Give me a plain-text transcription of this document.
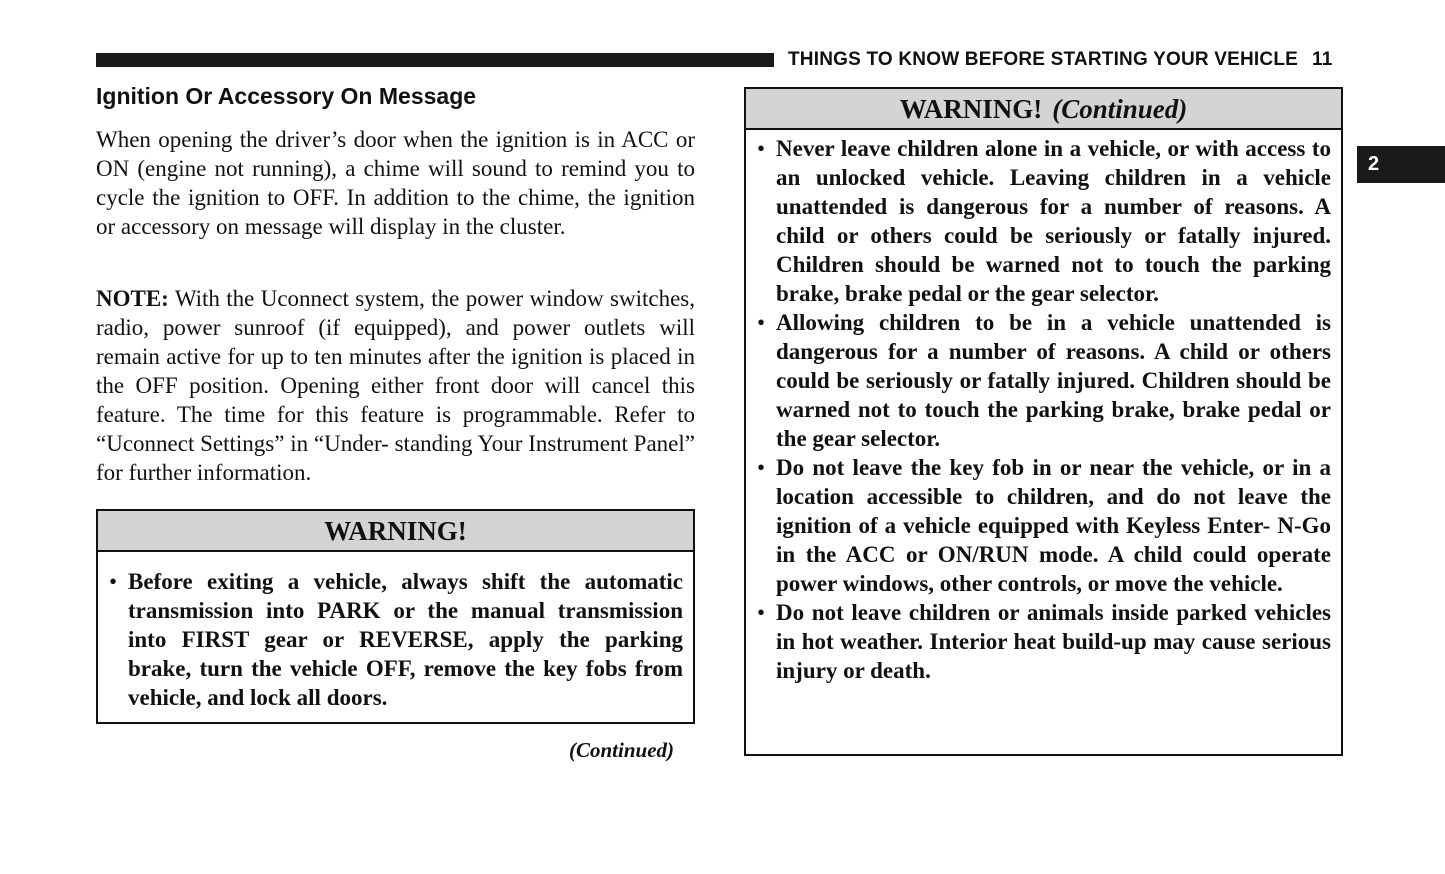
THINGS TO KNOW BEFORE STARTING YOUR VEHICLE 11
2
Ignition Or Accessory On Message

When opening the driver’s door when the ignition is in ACC or ON (engine not running), a chime will sound to remind you to cycle the ignition to OFF. In addition to the chime, the ignition or accessory on message will display in the cluster.

NOTE: With the Uconnect system, the power window switches, radio, power sunroof (if equipped), and power outlets will remain active for up to ten minutes after the ignition is placed in the OFF position. Opening either front door will cancel this feature. The time for this feature is programmable. Refer to “Uconnect Settings” in “Under- standing Your Instrument Panel” for further information.

WARNING!
• Before exiting a vehicle, always shift the automatic transmission into PARK or the manual transmission into FIRST gear or REVERSE, apply the parking brake, turn the vehicle OFF, remove the key fobs from vehicle, and lock all doors.
(Continued)
WARNING! (Continued)
• Never leave children alone in a vehicle, or with access to an unlocked vehicle. Leaving children in a vehicle unattended is dangerous for a number of reasons. A child or others could be seriously or fatally injured. Children should be warned not to touch the parking brake, brake pedal or the gear selector.
• Allowing children to be in a vehicle unattended is dangerous for a number of reasons. A child or others could be seriously or fatally injured. Children should be warned not to touch the parking brake, brake pedal or the gear selector.
• Do not leave the key fob in or near the vehicle, or in a location accessible to children, and do not leave the ignition of a vehicle equipped with Keyless Enter- N-Go in the ACC or ON/RUN mode. A child could operate power windows, other controls, or move the vehicle.
• Do not leave children or animals inside parked vehicles in hot weather. Interior heat build-up may cause serious injury or death.
